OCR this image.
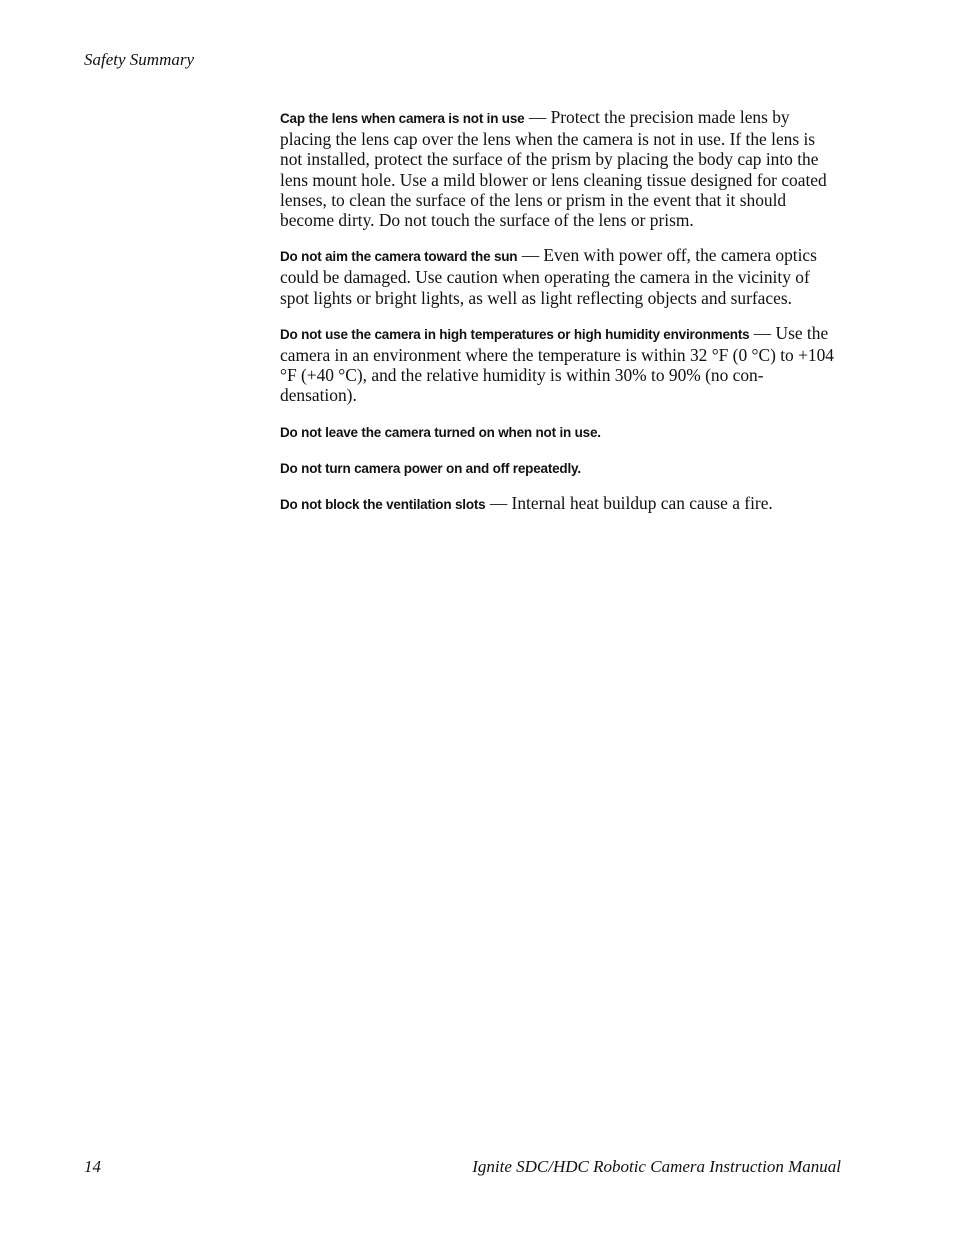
Safety Summary

Cap the lens when camera is not in use — Protect the precision made lens by placing the lens cap over the lens when the camera is not in use. If the lens is not installed, protect the surface of the prism by placing the body cap into the lens mount hole. Use a mild blower or lens cleaning tissue designed for coated lenses, to clean the surface of the lens or prism in the event that it should become dirty. Do not touch the surface of the lens or prism.

Do not aim the camera toward the sun — Even with power off, the camera optics could be damaged. Use caution when operating the camera in the vicinity of spot lights or bright lights, as well as light reflecting objects and surfaces.

Do not use the camera in high temperatures or high humidity environments — Use the camera in an environment where the temperature is within 32 °F (0 °C) to +104 °F (+40 °C), and the relative humidity is within 30% to 90% (no con-densation).

Do not leave the camera turned on when not in use.

Do not turn camera power on and off repeatedly.

Do not block the ventilation slots — Internal heat buildup can cause a fire.

14	Ignite SDC/HDC Robotic Camera Instruction Manual
